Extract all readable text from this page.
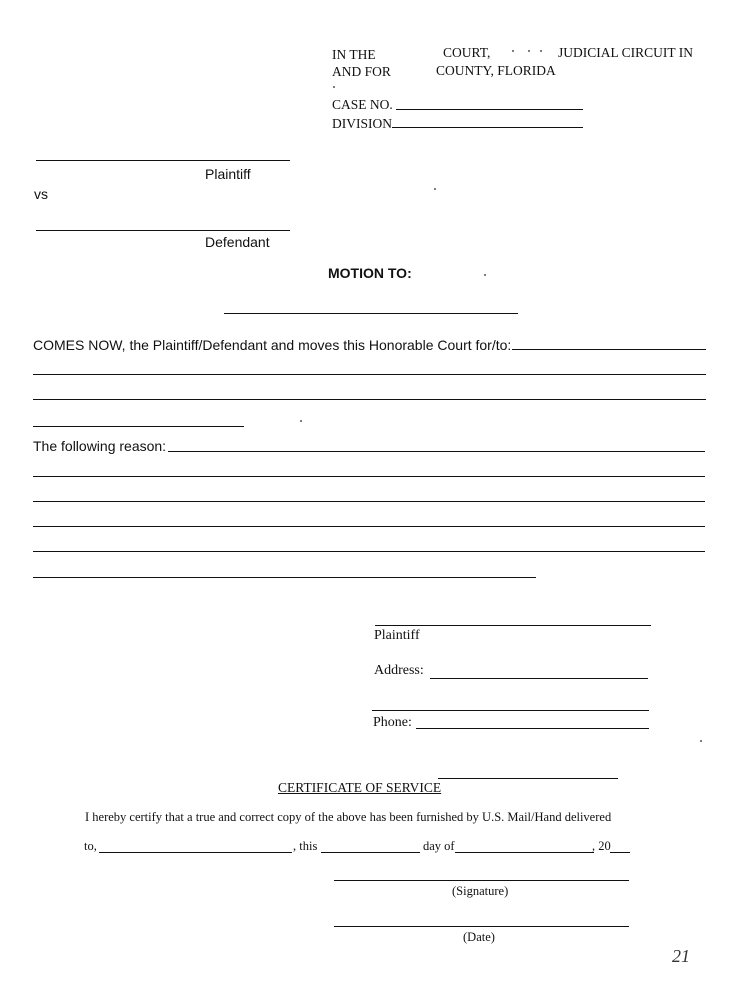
IN THE	COURT,	JUDICIAL CIRCUIT IN
AND FOR	COUNTY, FLORIDA
CASE NO.
DIVISION
Plaintiff
vs
Defendant
MOTION TO:
COMES NOW, the Plaintiff/Defendant and moves this Honorable Court for/to:
The following reason:
Plaintiff
Address:
Phone:
CERTIFICATE OF SERVICE
I hereby certify that a true and correct copy of the above has been furnished by U.S. Mail/Hand delivered
to,	, this	day of	, 20
(Signature)
(Date)
21
